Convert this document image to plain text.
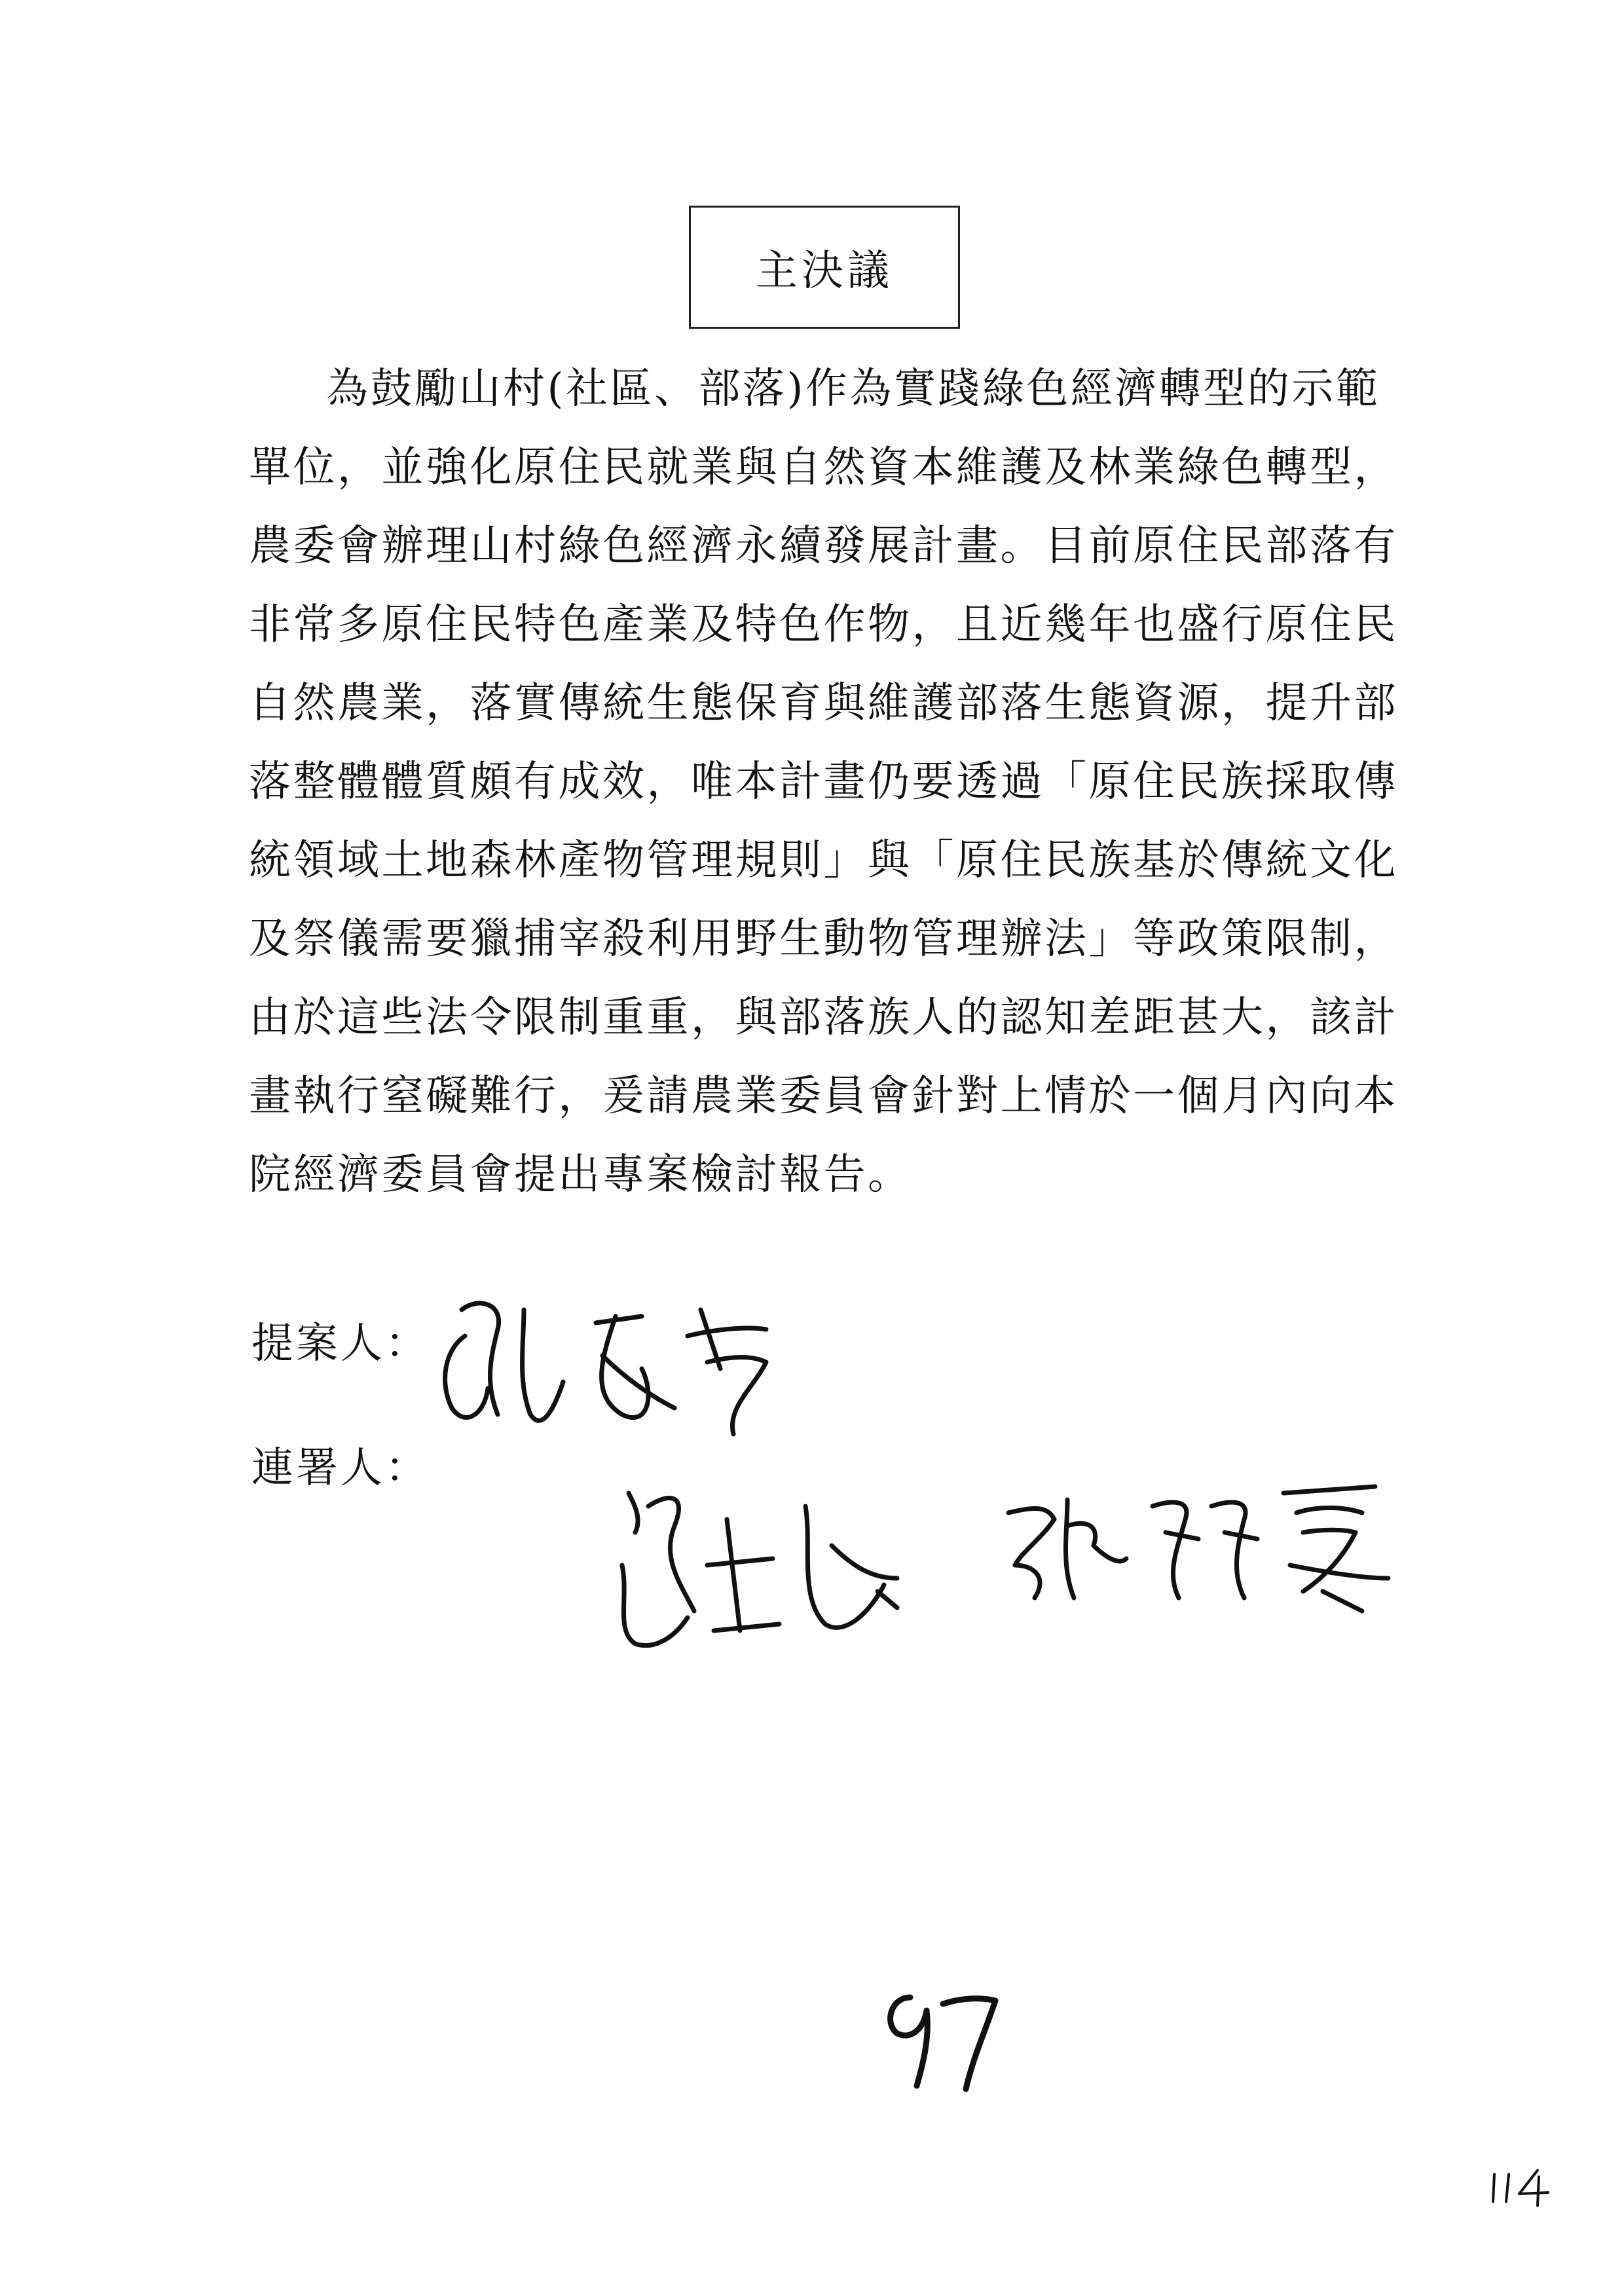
主決議
為鼓勵山村(社區、部落)作為實踐綠色經濟轉型的示範
單位，並強化原住民就業與自然資本維護及林業綠色轉型，
農委會辦理山村綠色經濟永續發展計畫。目前原住民部落有
非常多原住民特色產業及特色作物，且近幾年也盛行原住民
自然農業，落實傳統生態保育與維護部落生態資源，提升部
落整體體質頗有成效，唯本計畫仍要透過「原住民族採取傳
統領域土地森林產物管理規則」與「原住民族基於傳統文化
及祭儀需要獵捕宰殺利用野生動物管理辦法」等政策限制，
由於這些法令限制重重，與部落族人的認知差距甚大，該計
畫執行窒礙難行，爰請農業委員會針對上情於一個月內向本
院經濟委員會提出專案檢討報告。
提案人：
連署人：
